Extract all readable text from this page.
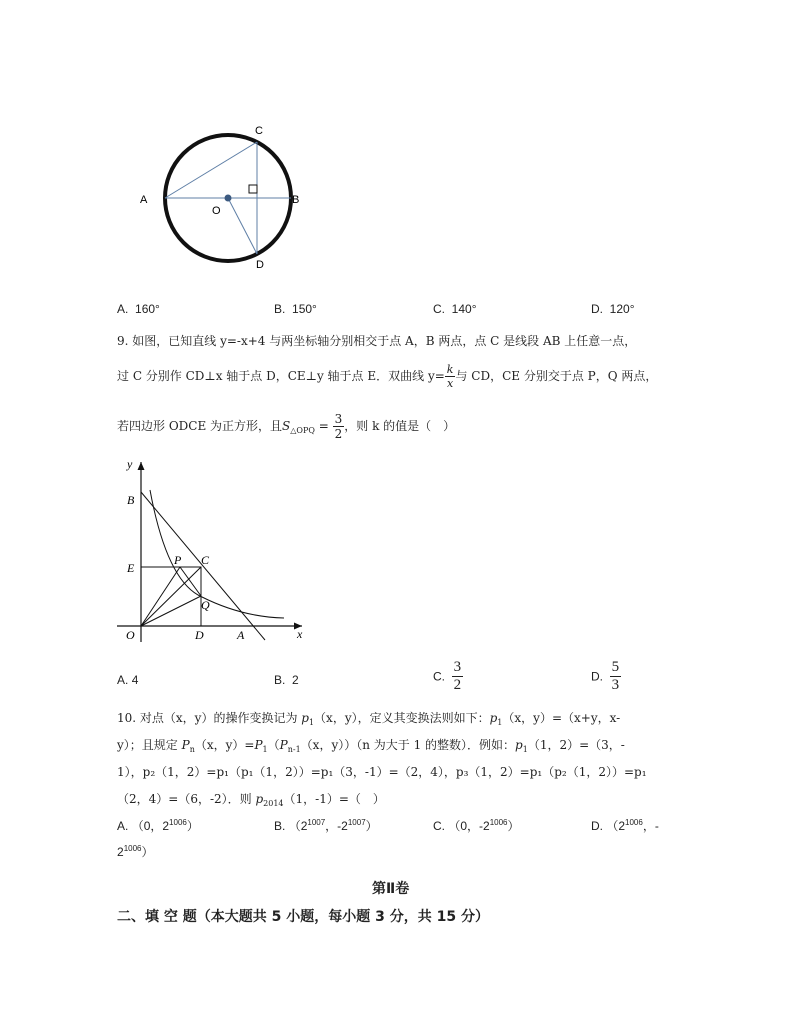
C
A	B
O
D
A. 160°	B. 150°	C. 140°	D. 120°
9. 如图，已知直线 y=-x+4 与两坐标轴分别相交于点 A，B 两点，点 C 是线段 AB 上任意一点，
过 C 分别作 CD⊥x 轴于点 D，CE⊥y 轴于点 E．双曲线 $y= \frac{k}{x}$ 与 CD，CE 分别交于点 P，Q 两点，
若四边形 ODCE 为正方形，且$S_{\triangle OPQ} = \frac{3}{2}$ ，则 k 的值是（　）
y
x
B
E
P C
Q
O	D	A
A. 4	B. 2	C. $\frac{3}{2}$	D. $\frac{5}{3}$
10. 对点（x，y）的操作变换记为 $p_1(x$，y），定义其变换法则如下：$p_1(x$，y）=（x+y，x-
y）；且规定 $P_n(x$，$y)=P_1(P_{n-1}(x$，y））（n 为大于 1 的整数）．例如：$p_1(1$，2）=（3，-
1），p₂（1，2）=p₁（p₁（1，2））=p₁（3，-1）=（2，4），p₃（1，2）=p₁（p₂（1，2））=p₁
（2，4）=（6，-2）．则 $p_{2014}(1$，-1）=（　）
A. （0，$2^{1006}$）	B. （$2^{1007}$，$-2^{1007}$）	C. （0，$-2^{1006}$）	D. （$2^{1006}$，-
$2^{1006}$）
第Ⅱ卷
二、填 空 题（本大题共 5 小题，每小题 3 分，共 15 分）
